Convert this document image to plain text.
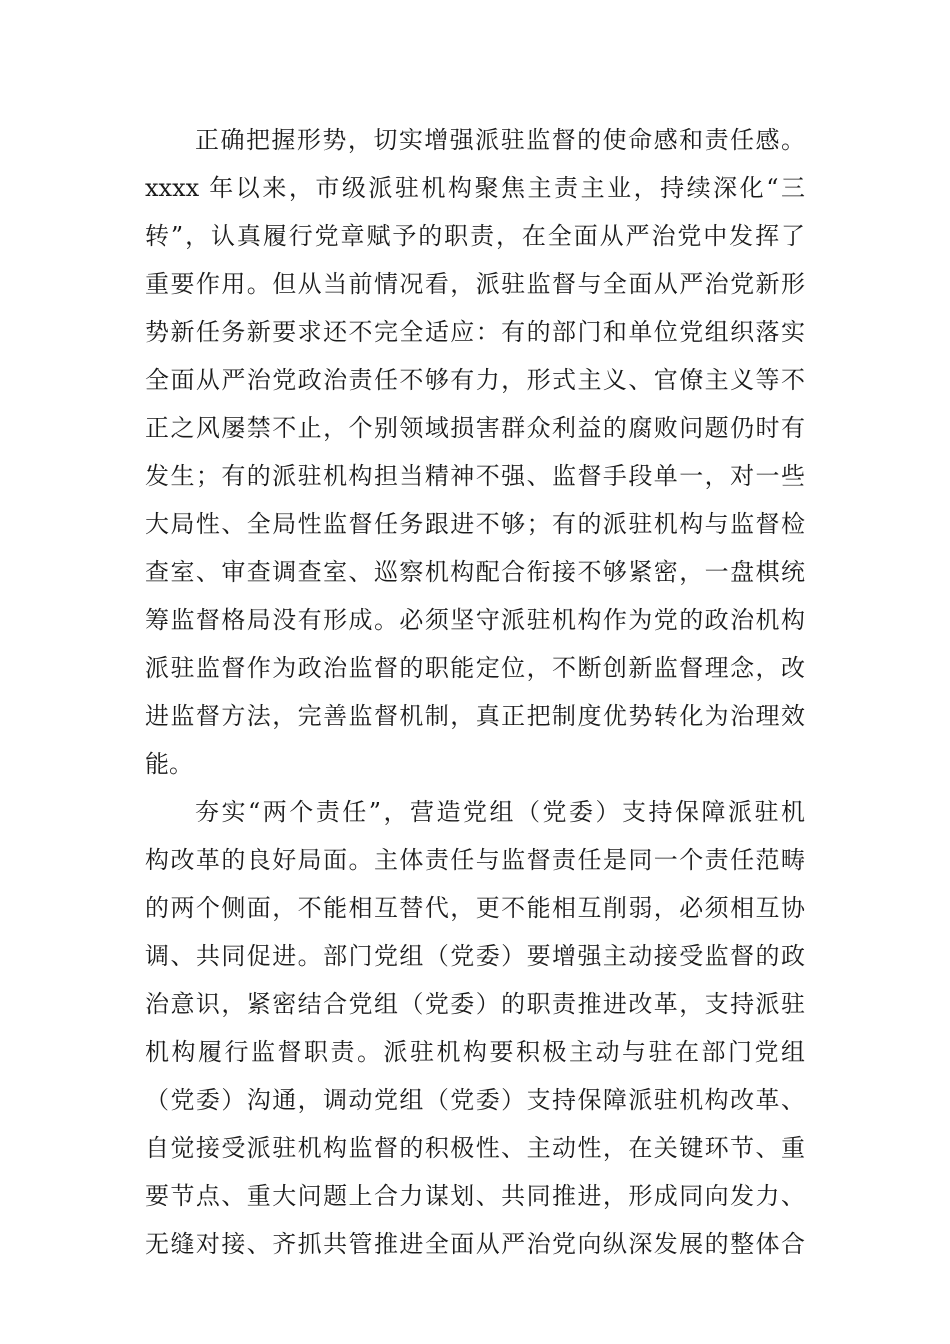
正确把握形势，切实增强派驻监督的使命感和责任感。
xxxx 年以来，市级派驻机构聚焦主责主业，持续深化“三
转”，认真履行党章赋予的职责，在全面从严治党中发挥了
重要作用。但从当前情况看，派驻监督与全面从严治党新形
势新任务新要求还不完全适应：有的部门和单位党组织落实
全面从严治党政治责任不够有力，形式主义、官僚主义等不
正之风屡禁不止，个别领域损害群众利益的腐败问题仍时有
发生；有的派驻机构担当精神不强、监督手段单一，对一些
大局性、全局性监督任务跟进不够；有的派驻机构与监督检
查室、审查调查室、巡察机构配合衔接不够紧密，一盘棋统
筹监督格局没有形成。必须坚守派驻机构作为党的政治机构
派驻监督作为政治监督的职能定位，不断创新监督理念，改
进监督方法，完善监督机制，真正把制度优势转化为治理效
能。
夯实“两个责任”，营造党组（党委）支持保障派驻机
构改革的良好局面。主体责任与监督责任是同一个责任范畴
的两个侧面，不能相互替代，更不能相互削弱，必须相互协
调、共同促进。部门党组（党委）要增强主动接受监督的政
治意识，紧密结合党组（党委）的职责推进改革，支持派驻
机构履行监督职责。派驻机构要积极主动与驻在部门党组
（党委）沟通，调动党组（党委）支持保障派驻机构改革、
自觉接受派驻机构监督的积极性、主动性，在关键环节、重
要节点、重大问题上合力谋划、共同推进，形成同向发力、
无缝对接、齐抓共管推进全面从严治党向纵深发展的整体合
